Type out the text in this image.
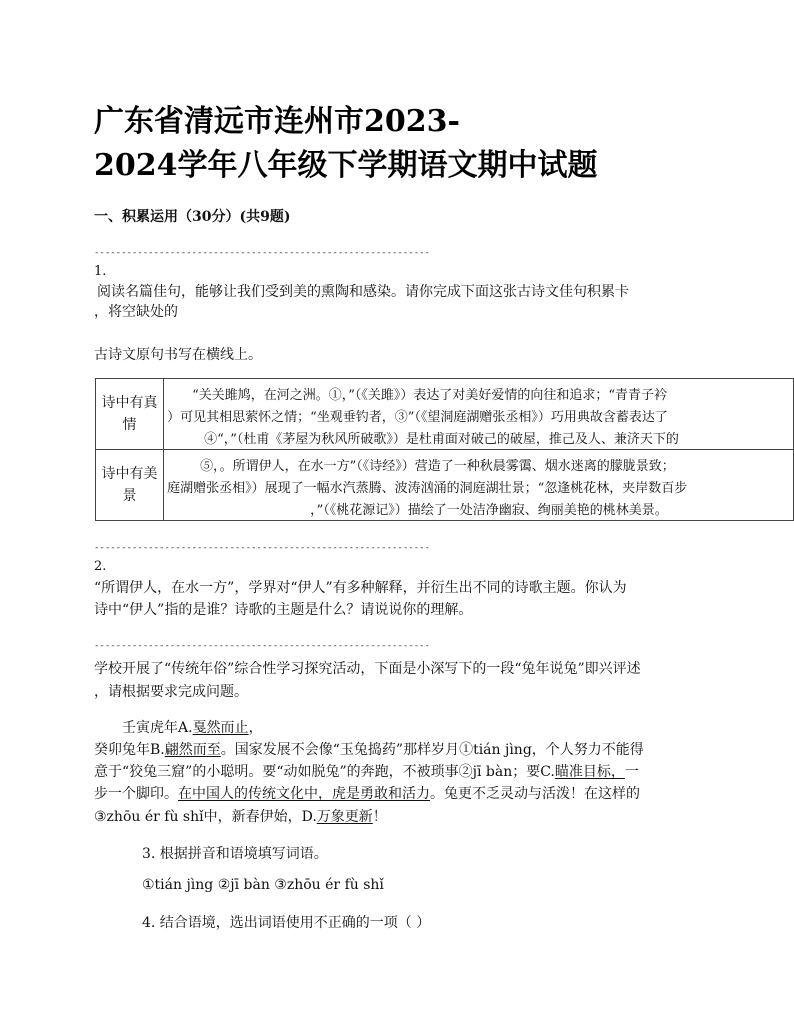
广东省清远市连州市2023-
2024学年八年级下学期语文期中试题
一、积累运用（30分）(共9题)
--------------------------------------------------------------
1.
阅读名篇佳句，能够让我们受到美的熏陶和感染。请你完成下面这张古诗文佳句积累卡
，将空缺处的
古诗文原句书写在横线上。
诗中有真情	“关关雎鸠，在河之洲。①，”（《关雎》）表达了对美好爱情的向往和追求；“青青子衿
）可见其相思萦怀之情；“坐观垂钓者，③”（《望洞庭湖赠张丞相》）巧用典故含蓄表达了
④“，”（杜甫《茅屋为秋风所破歌》）是杜甫面对破己的破屋，推己及人、兼济天下的

诗中有美景	⑤，。所谓伊人，在水一方”（《诗经》）营造了一种秋晨雾霭、烟水迷离的朦胧景致；
庭湖赠张丞相》）展现了一幅水汽蒸腾、波涛汹涌的洞庭湖壮景；“忽逢桃花林，夹岸数百步
，”（《桃花源记》）描绘了一处洁净幽寂、绚丽美艳的桃林美景。
--------------------------------------------------------------
2.
“所谓伊人，在水一方”，学界对“伊人”有多种解释，并衍生出不同的诗歌主题。你认为
诗中“伊人”指的是谁？诗歌的主题是什么？请说说你的理解。
--------------------------------------------------------------
学校开展了“传统年俗”综合性学习探究活动，下面是小深写下的一段“兔年说兔”即兴评述
，请根据要求完成问题。
壬寅虎年A.戛然而止，
癸卯兔年B.翩然而至。国家发展不会像“玉兔捣药”那样岁月①tián jìng，个人努力不能得
意于“狡兔三窟”的小聪明。要“动如脱兔”的奔跑，不被琐事②jī bàn；要C.瞄准目标，一
步一个脚印。在中国人的传统文化中，虎是勇敢和活力。兔更不乏灵动与活泼！在这样的
③zhōu ér fù shǐ中，新春伊始，D.万象更新！
3. 根据拼音和语境填写词语。
①tián jìng ②jī bàn ③zhōu ér fù shǐ
4. 结合语境，选出词语使用不正确的一项（ ）
